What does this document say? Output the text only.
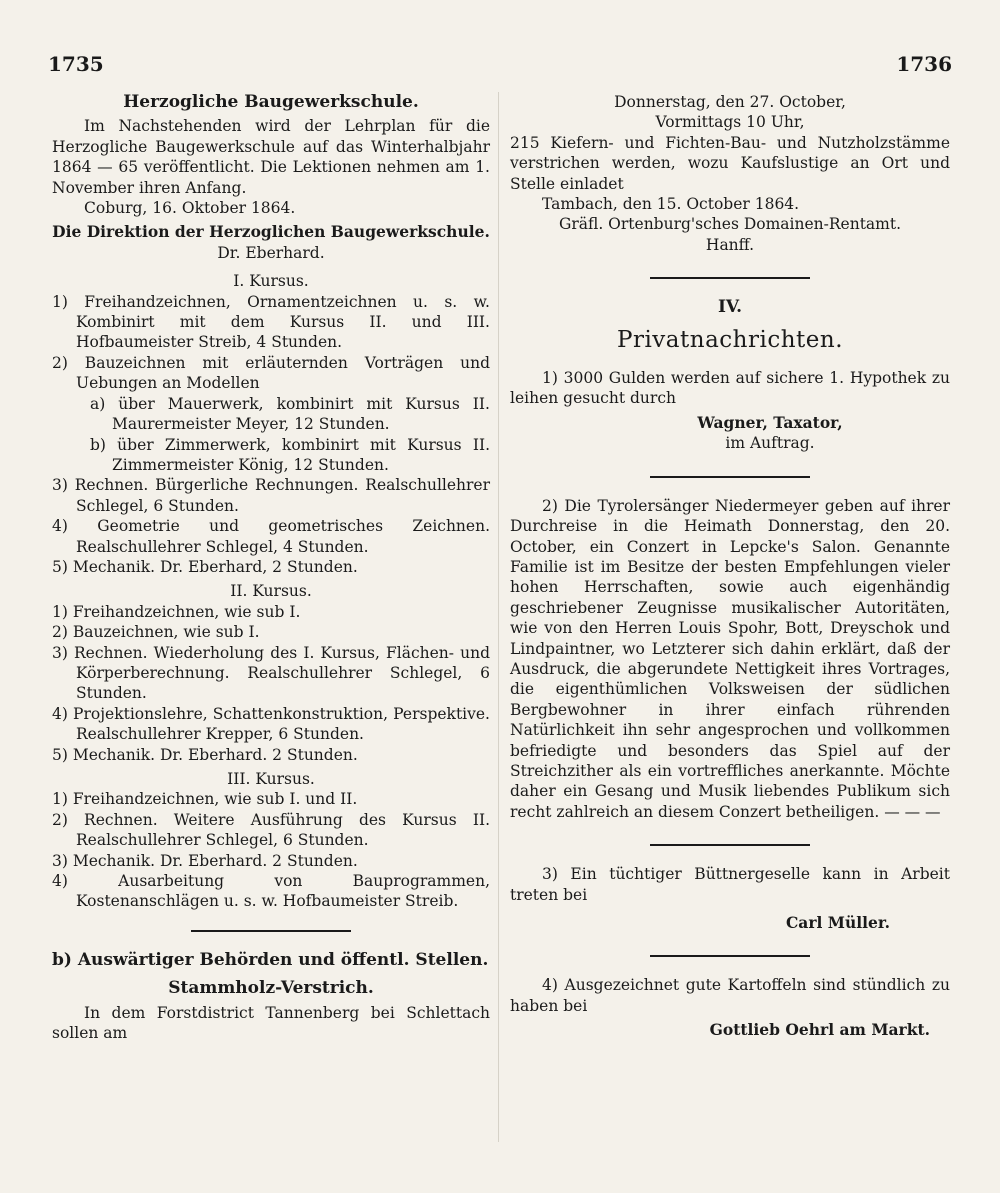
1735	1736

Herzogliche Baugewerkschule.

Im Nachstehenden wird der Lehrplan für die Herzogliche Baugewerkschule auf das Winterhalbjahr 1864 — 65 veröffentlicht. Die Lektionen nehmen am 1. November ihren Anfang.

Coburg, 16. Oktober 1864.

Die Direktion der Herzoglichen Baugewerkschule.

Dr. Eberhard.

I. Kursus.

1) Freihandzeichnen, Ornamentzeichnen u. s. w. Kombinirt mit dem Kursus II. und III. Hofbaumeister Streib, 4 Stunden.

2) Bauzeichnen mit erläuternden Vorträgen und Uebungen an Modellen

a) über Mauerwerk, kombinirt mit Kursus II. Maurermeister Meyer, 12 Stunden.

b) über Zimmerwerk, kombinirt mit Kursus II. Zimmermeister König, 12 Stunden.

3) Rechnen. Bürgerliche Rechnungen. Realschullehrer Schlegel, 6 Stunden.

4) Geometrie und geometrisches Zeichnen. Realschullehrer Schlegel, 4 Stunden.

5) Mechanik. Dr. Eberhard, 2 Stunden.

II. Kursus.

1) Freihandzeichnen, wie sub I.

2) Bauzeichnen, wie sub I.

3) Rechnen. Wiederholung des I. Kursus, Flächen- und Körperberechnung. Realschullehrer Schlegel, 6 Stunden.

4) Projektionslehre, Schattenkonstruktion, Perspektive. Realschullehrer Krepper, 6 Stunden.

5) Mechanik. Dr. Eberhard. 2 Stunden.

III. Kursus.

1) Freihandzeichnen, wie sub I. und II.

2) Rechnen. Weitere Ausführung des Kursus II. Realschullehrer Schlegel, 6 Stunden.

3) Mechanik. Dr. Eberhard. 2 Stunden.

4) Ausarbeitung von Bauprogrammen, Kostenanschlägen u. s. w. Hofbaumeister Streib.

b) Auswärtiger Behörden und öffentl. Stellen.

Stammholz-Verstrich.

In dem Forstdistrict Tannenberg bei Schlettach sollen am

Donnerstag, den 27. October,

Vormittags 10 Uhr,

215 Kiefern- und Fichten-Bau- und Nutzholzstämme verstrichen werden, wozu Kaufslustige an Ort und Stelle einladet

Tambach, den 15. October 1864.

Gräfl. Ortenburg'sches Domainen-Rentamt.

Hanff.

IV.

Privatnachrichten.

1) 3000 Gulden werden auf sichere 1. Hypothek zu leihen gesucht durch

Wagner, Taxator,

im Auftrag.

2) Die Tyrolersänger Niedermeyer geben auf ihrer Durchreise in die Heimath Donnerstag, den 20. October, ein Conzert in Lepcke's Salon. Genannte Familie ist im Besitze der besten Empfehlungen vieler hohen Herrschaften, sowie auch eigenhändig geschriebener Zeugnisse musikalischer Autoritäten, wie von den Herren Louis Spohr, Bott, Dreyschok und Lindpaintner, wo Letzterer sich dahin erklärt, daß der Ausdruck, die abgerundete Nettigkeit ihres Vortrages, die eigenthümlichen Volksweisen der südlichen Bergbewohner in ihrer einfach rührenden Natürlichkeit ihn sehr angesprochen und vollkommen befriedigte und besonders das Spiel auf der Streichzither als ein vortreffliches anerkannte. Möchte daher ein Gesang und Musik liebendes Publikum sich recht zahlreich an diesem Conzert betheiligen. — — —

3) Ein tüchtiger Büttnergeselle kann in Arbeit treten bei

Carl Müller.

4) Ausgezeichnet gute Kartoffeln sind stündlich zu haben bei

Gottlieb Oehrl am Markt.
